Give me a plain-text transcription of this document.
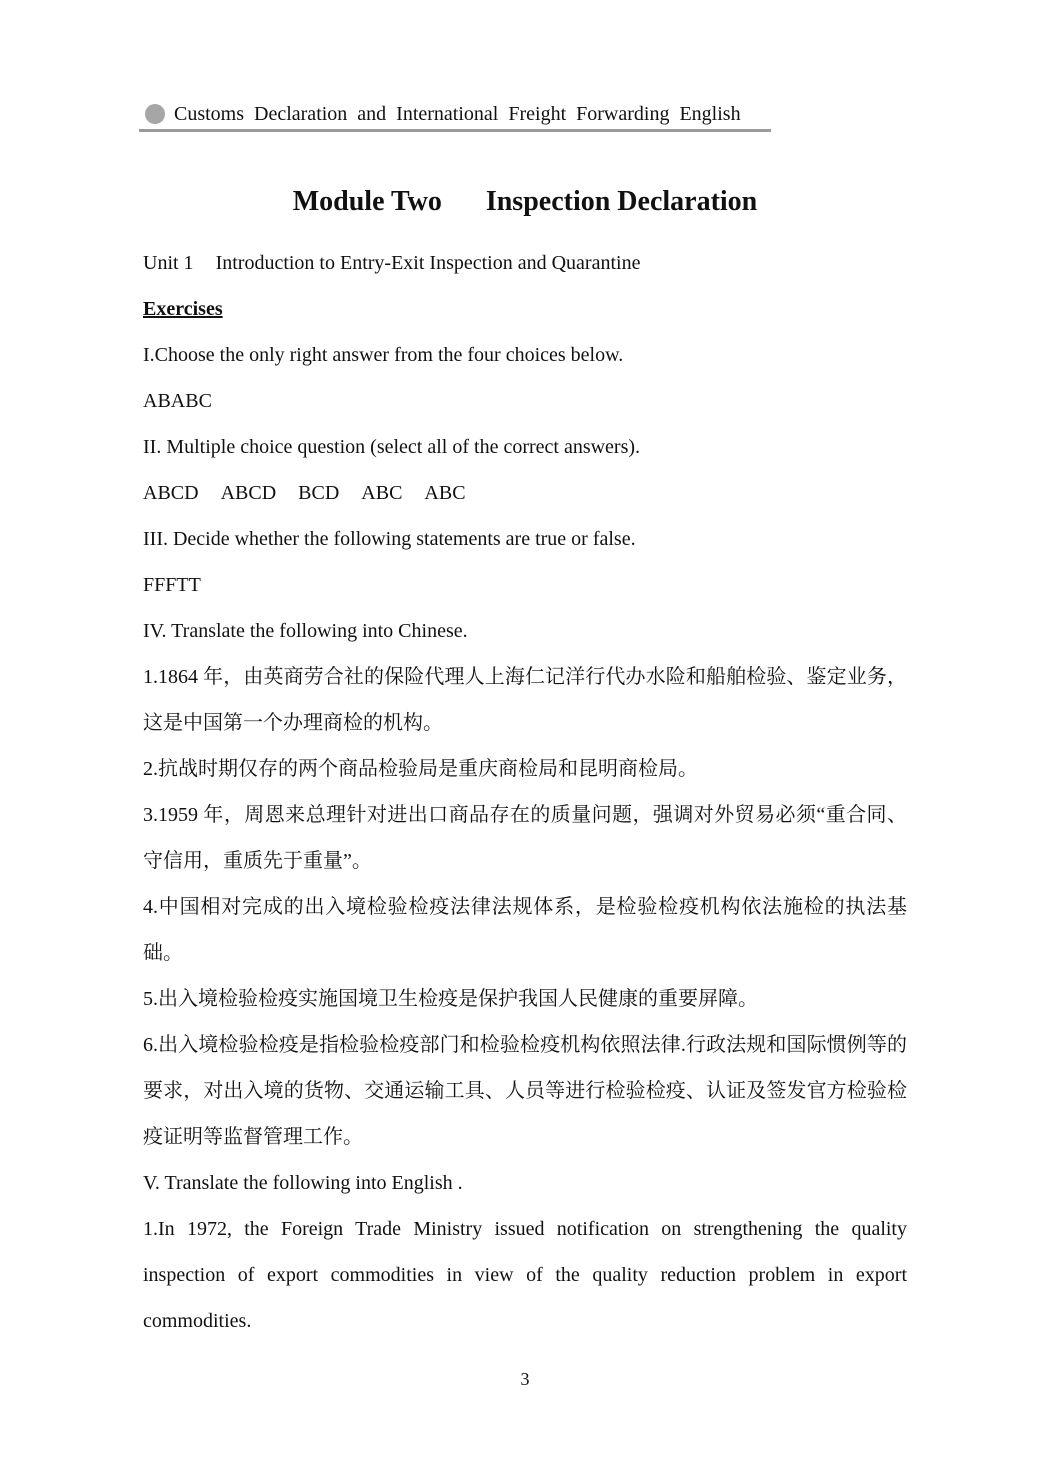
Customs Declaration and International Freight Forwarding English
Module Two Inspection Declaration

Unit 1 Introduction to Entry-Exit Inspection and Quarantine

Exercises

I.Choose the only right answer from the four choices below.

ABABC

II. Multiple choice question (select all of the correct answers).

ABCD ABCD BCD ABC ABC

III. Decide whether the following statements are true or false.

FFFTT

IV. Translate the following into Chinese.

1.1864 年，由英商劳合社的保险代理人上海仁记洋行代办水险和船舶检验、鉴定业务，这是中国第一个办理商检的机构。

2.抗战时期仅存的两个商品检验局是重庆商检局和昆明商检局。

3.1959 年，周恩来总理针对进出口商品存在的质量问题，强调对外贸易必须“重合同、守信用，重质先于重量”。

4.中国相对完成的出入境检验检疫法律法规体系，是检验检疫机构依法施检的执法基础。

5.出入境检验检疫实施国境卫生检疫是保护我国人民健康的重要屏障。

6.出入境检验检疫是指检验检疫部门和检验检疫机构依照法律.行政法规和国际惯例等的要求，对出入境的货物、交通运输工具、人员等进行检验检疫、认证及签发官方检验检疫证明等监督管理工作。

V. Translate the following into English .

1.In 1972, the Foreign Trade Ministry issued notification on strengthening the quality inspection of export commodities in view of the quality reduction problem in export commodities.

3
